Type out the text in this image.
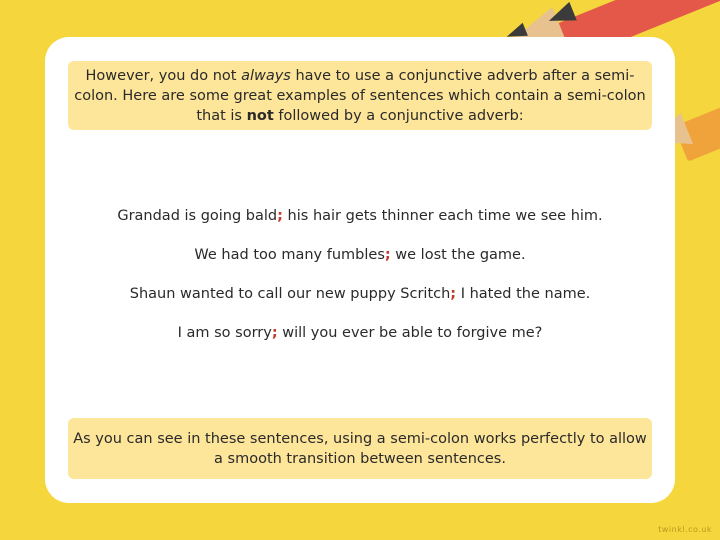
However, you do not always have to use a conjunctive adverb after a semi-colon. Here are some great examples of sentences which contain a semi-colon that is not followed by a conjunctive adverb:
Grandad is going bald; his hair gets thinner each time we see him.
We had too many fumbles; we lost the game.
Shaun wanted to call our new puppy Scritch; I hated the name.
I am so sorry; will you ever be able to forgive me?
As you can see in these sentences, using a semi-colon works perfectly to allow a smooth transition between sentences.
twinkl.co.uk
